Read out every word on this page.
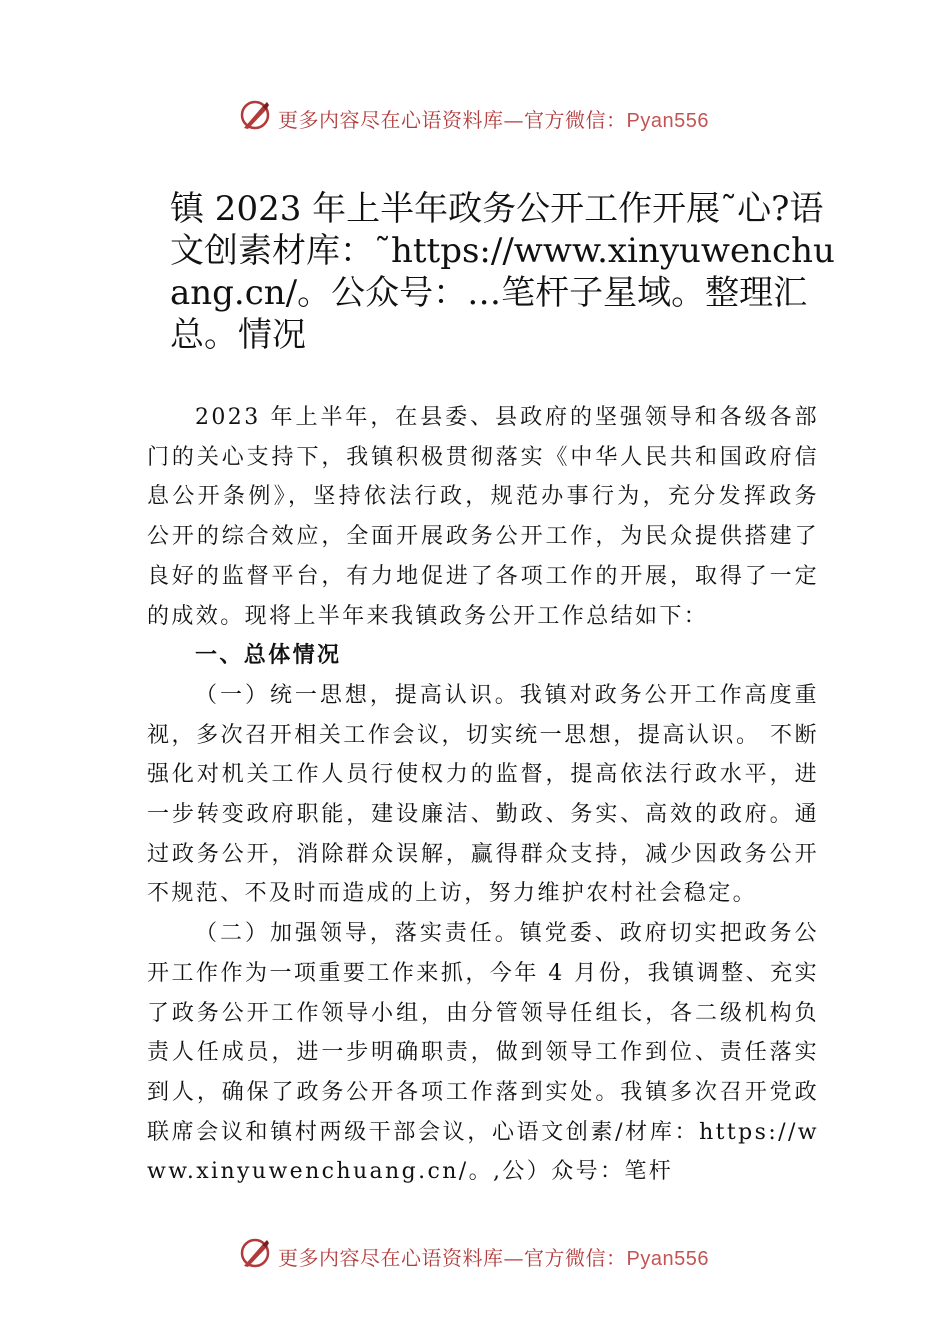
更多内容尽在心语资料库—官方微信：Pyan556
镇 2023 年上半年政务公开工作开展˜心?语文创素材库：˜https://www.xinyuwenchuang.cn/。公众号：…笔杆子星域。整理汇总。情况

2023 年上半年，在县委、县政府的坚强领导和各级各部门的关心支持下，我镇积极贯彻落实《中华人民共和国政府信息公开条例》，坚持依法行政，规范办事行为，充分发挥政务公开的综合效应，全面开展政务公开工作，为民众提供搭建了良好的监督平台，有力地促进了各项工作的开展，取得了一定的成效。现将上半年来我镇政务公开工作总结如下：

一、总体情况

（一）统一思想，提高认识。我镇对政务公开工作高度重视，多次召开相关工作会议，切实统一思想，提高认识。 不断强化对机关工作人员行使权力的监督，提高依法行政水平，进一步转变政府职能，建设廉洁、勤政、务实、高效的政府。通过政务公开，消除群众误解，赢得群众支持，减少因政务公开不规范、不及时而造成的上访，努力维护农村社会稳定。

（二）加强领导，落实责任。镇党委、政府切实把政务公开工作作为一项重要工作来抓，今年 4 月份，我镇调整、充实了政务公开工作领导小组，由分管领导任组长，各二级机构负责人任成员，进一步明确职责，做到领导工作到位、责任落实到人，确保了政务公开各项工作落到实处。我镇多次召开党政联席会议和镇村两级干部会议，心语文创素/材库：https://www.xinyuwenchuang.cn/。,公）众号：笔杆

更多内容尽在心语资料库—官方微信：Pyan556
